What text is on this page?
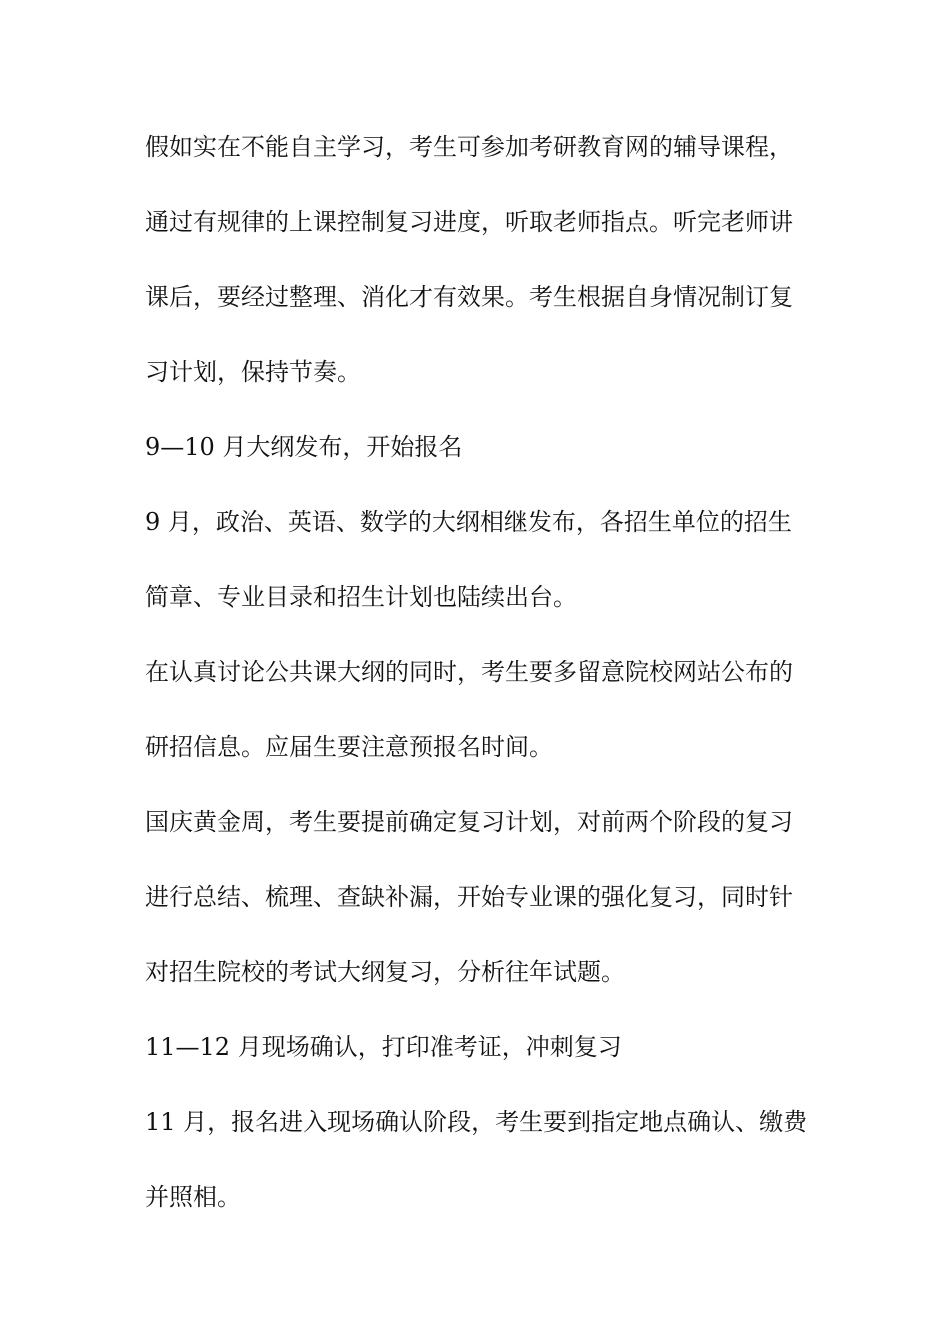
假如实在不能自主学习，考生可参加考研教育网的辅导课程，
通过有规律的上课控制复习进度，听取老师指点。听完老师讲
课后，要经过整理、消化才有效果。考生根据自身情况制订复
习计划，保持节奏。
9—10 月大纲发布，开始报名
9 月，政治、英语、数学的大纲相继发布，各招生单位的招生
简章、专业目录和招生计划也陆续出台。
在认真讨论公共课大纲的同时，考生要多留意院校网站公布的
研招信息。应届生要注意预报名时间。
国庆黄金周，考生要提前确定复习计划，对前两个阶段的复习
进行总结、梳理、查缺补漏，开始专业课的强化复习，同时针
对招生院校的考试大纲复习，分析往年试题。
11—12 月现场确认，打印准考证，冲刺复习
11 月，报名进入现场确认阶段，考生要到指定地点确认、缴费
并照相。
